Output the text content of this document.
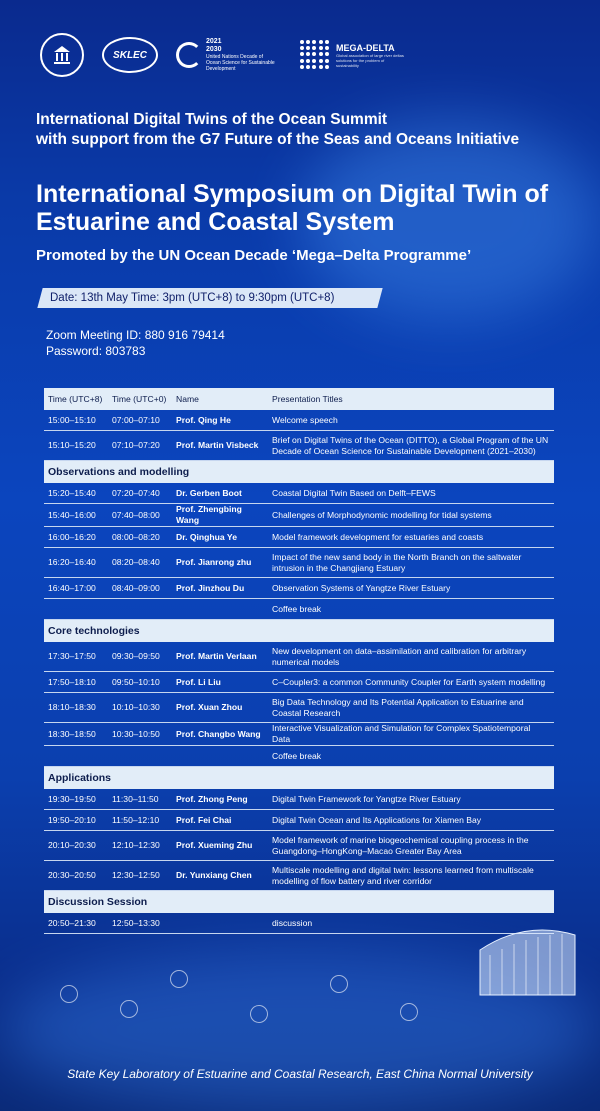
SKLEC
2021
2030
United Nations Decade of Ocean Science for Sustainable Development
MEGA-DELTA
Global association of large river deltas solutions for the problem of sustainability
International Digital Twins of the Ocean Summit
with support from the G7 Future of the Seas and Oceans Initiative
International Symposium on Digital Twin of
Estuarine and Coastal System
Promoted by the UN Ocean Decade ‘Mega–Delta Programme’
Date: 13th May Time: 3pm (UTC+8) to 9:30pm (UTC+8)
Zoom Meeting ID: 880 916 79414
Password: 803783
Time (UTC+8)	Time (UTC+0)	Name	Presentation Titles
15:00–15:10	07:00–07:10	Prof. Qing He	Welcome speech
15:10–15:20	07:10–07:20	Prof. Martin Visbeck	Brief on Digital Twins of the Ocean (DITTO), a Global Program of the UN Decade of Ocean Science for Sustainable Development (2021–2030)
Observations and modelling			
15:20–15:40	07:20–07:40	Dr. Gerben Boot	Coastal Digital Twin Based on Delft–FEWS
15:40–16:00	07:40–08:00	Prof. Zhengbing Wang	Challenges of Morphodynomic modelling for tidal systems
16:00–16:20	08:00–08:20	Dr. Qinghua Ye	Model framework development for estuaries and coasts
16:20–16:40	08:20–08:40	Prof. Jianrong zhu	Impact of the new sand body in the North Branch on the saltwater intrusion in the Changjiang Estuary
16:40–17:00	08:40–09:00	Prof. Jinzhou Du	Observation Systems of Yangtze River Estuary
			Coffee break
Core technologies			
17:30–17:50	09:30–09:50	Prof. Martin Verlaan	New development on data–assimilation and calibration for arbitrary numerical models
17:50–18:10	09:50–10:10	Prof. Li Liu	C–Coupler3: a common Community Coupler for Earth system modelling
18:10–18:30	10:10–10:30	Prof. Xuan Zhou	Big Data Technology and Its Potential Application to Estuarine and Coastal Research
18:30–18:50	10:30–10:50	Prof. Changbo Wang	Interactive Visualization and Simulation for Complex Spatiotemporal Data
			Coffee break
Applications			
19:30–19:50	11:30–11:50	Prof. Zhong Peng	Digital Twin Framework for Yangtze River Estuary
19:50–20:10	11:50–12:10	Prof. Fei Chai	Digital Twin Ocean and Its Applications for Xiamen Bay
20:10–20:30	12:10–12:30	Prof. Xueming Zhu	Model framework of marine biogeochemical coupling process in the Guangdong–HongKong–Macao Greater Bay Area
20:30–20:50	12:30–12:50	Dr. Yunxiang Chen	Multiscale modelling and digital twin: lessons learned from multiscale modelling of flow battery and river corridor
Discussion Session			
20:50–21:30	12:50–13:30		discussion
State Key Laboratory of Estuarine and Coastal Research, East China Normal University
